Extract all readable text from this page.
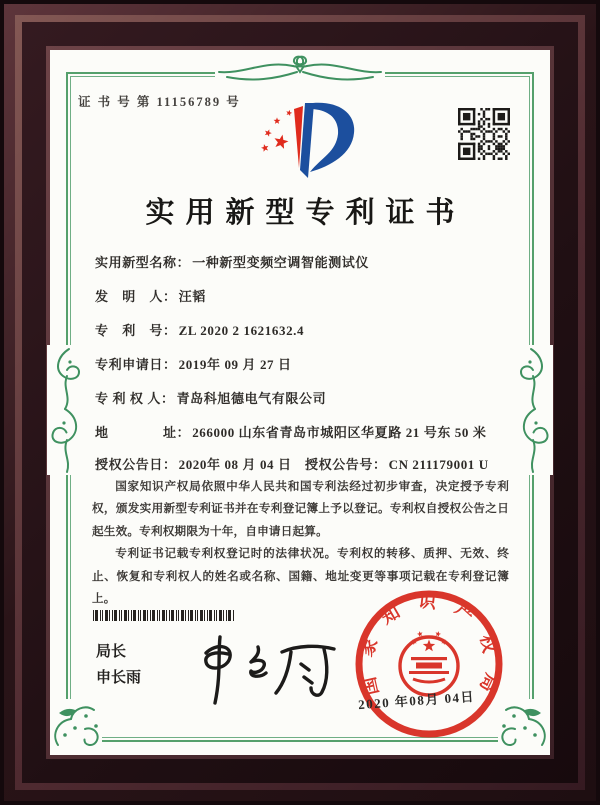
证 书 号 第 11156789 号
实用新型专利证书
实用新型名称： 一种新型变频空调智能测试仪
发　明　人： 汪韬
专　利　号： ZL 2020 2 1621632.4
专利申请日： 2019年 09 月 27 日
专 利 权 人： 青岛科旭德电气有限公司
地　　　　址： 266000 山东省青岛市城阳区华夏路 21 号东 50 米
授权公告日： 2020年 08 月 04 日 授权公告号： CN 211179001 U

国家知识产权局依照中华人民共和国专利法经过初步审查，决定授予专利权，颁发实用新型专利证书并在专利登记簿上予以登记。专利权自授权公告之日起生效。专利权期限为十年，自申请日起算。

专利证书记载专利权登记时的法律状况。专利权的转移、质押、无效、终止、恢复和专利权人的姓名或名称、国籍、地址变更等事项记载在专利登记簿上。

局长
申长雨	国家知识产权局
2020 年08月 04日
